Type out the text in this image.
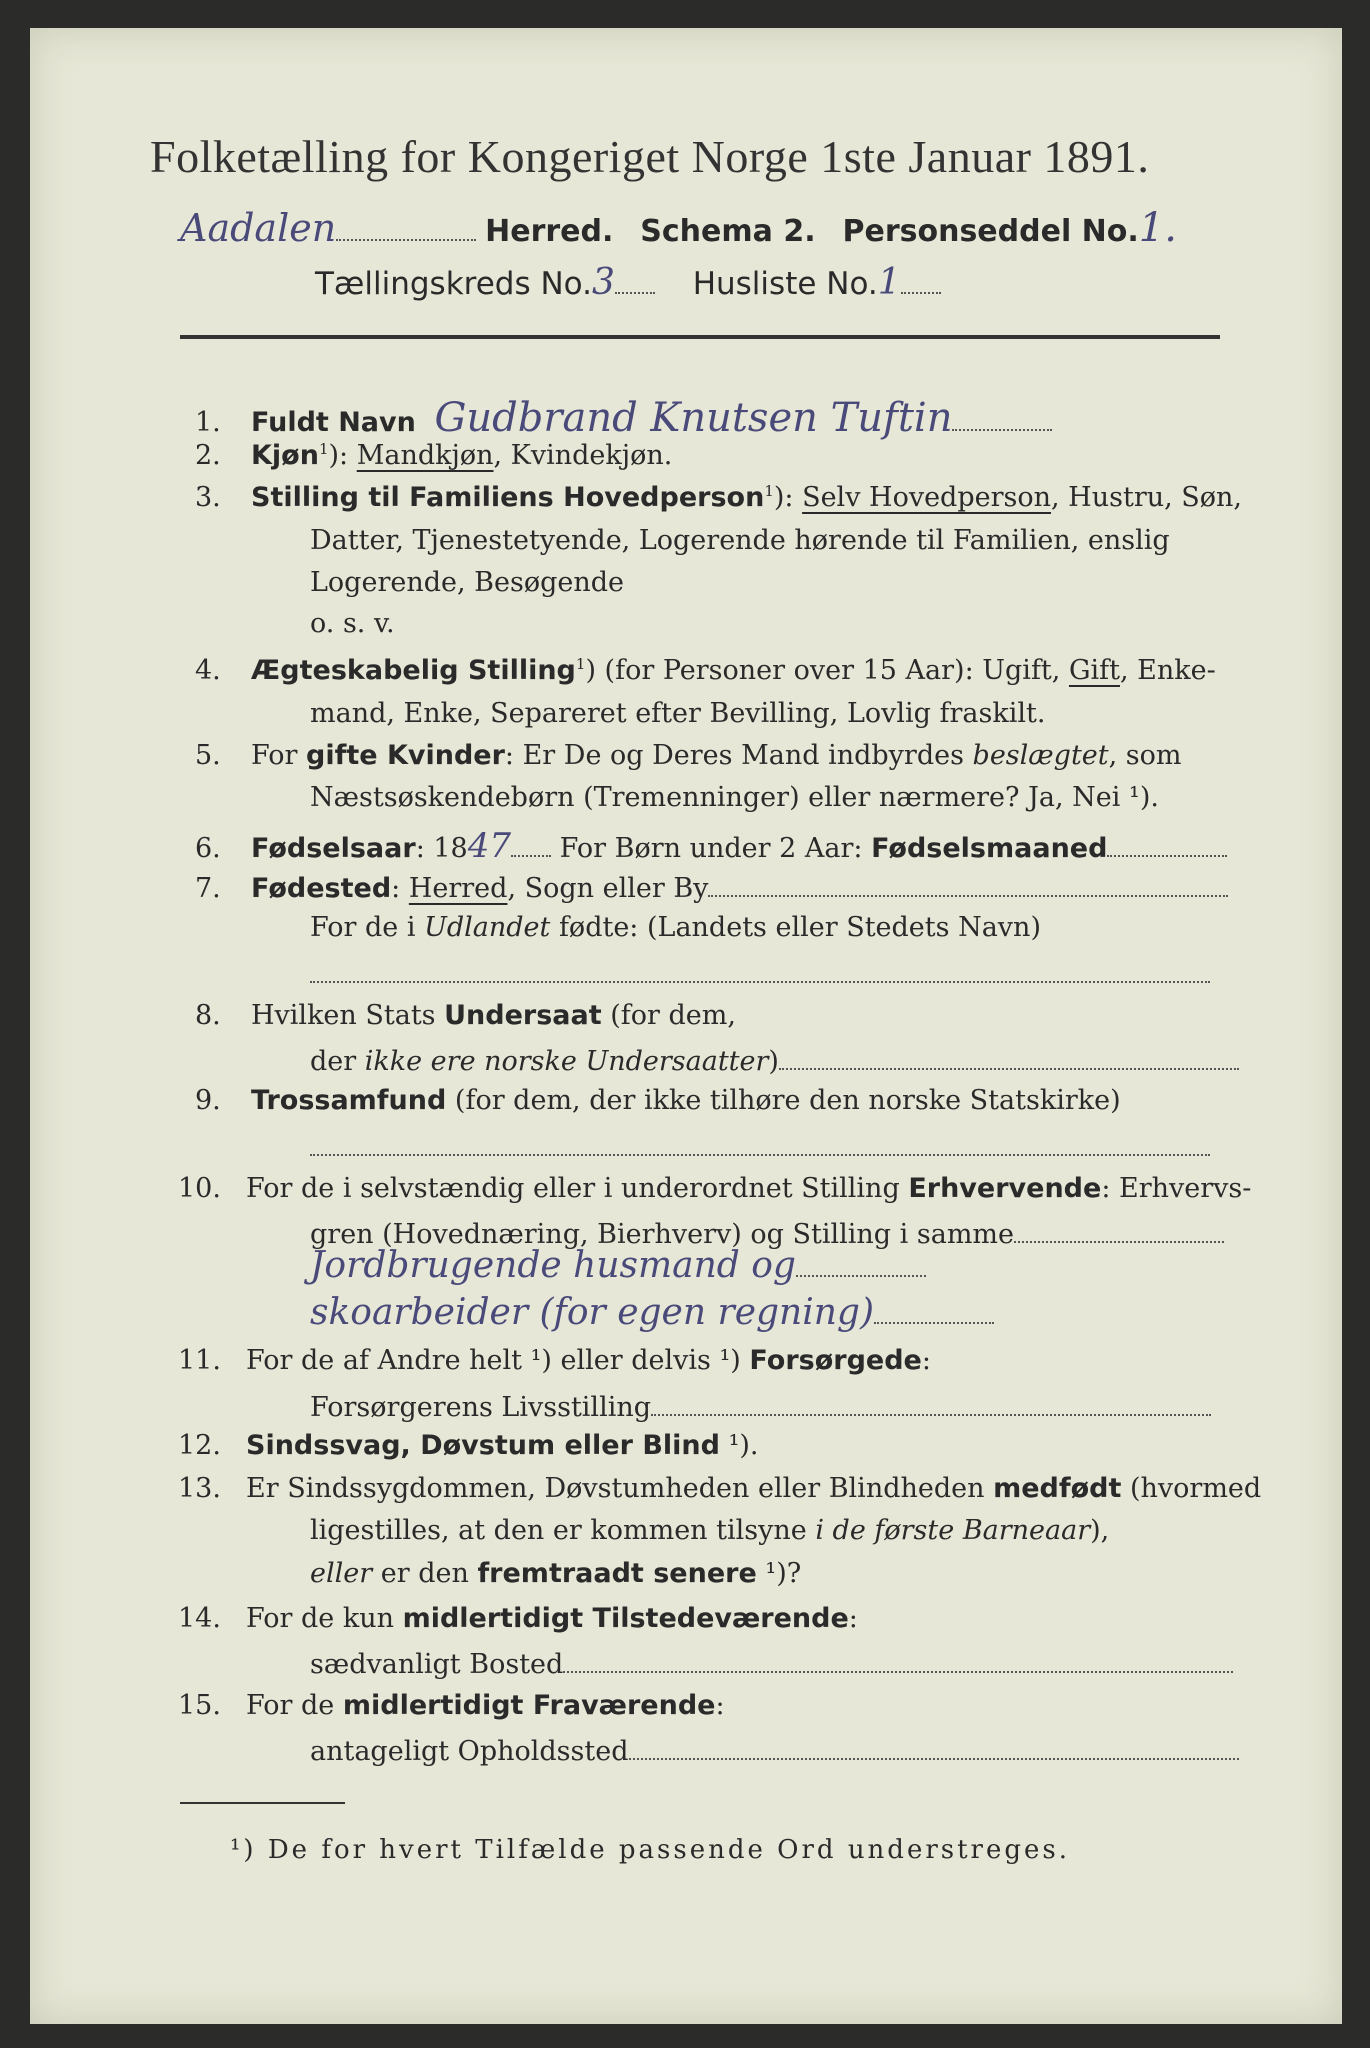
Folketælling for Kongeriget Norge 1ste Januar 1891.
Aadalen	Herred. Schema 2. Personseddel No.1.
Tællingskreds No.3	Husliste No.1
1. Fuldt Navn Gudbrand Knutsen Tuftin
2. Kjøn$^1$): Mandkjøn, Kvindekjøn.
3. Stilling til Familiens Hovedperson$^1$): Selv Hovedperson, Hustru, Søn,
Datter, Tjenestetyende, Logerende hørende til Familien, enslig
Logerende, Besøgende
o. s. v.
4. Ægteskabelig Stilling$^1$) (for Personer over 15 Aar): Ugift, Gift, Enke-
mand, Enke, Separeret efter Bevilling, Lovlig fraskilt.
5. For gifte Kvinder: Er De og Deres Mand indbyrdes beslægtet, som
Næstsøskendebørn (Tremenninger) eller nærmere? Ja, Nei ¹).
6. Fødselsaar: 1847 For Børn under 2 Aar: Fødselsmaaned
7. Fødested: Herred, Sogn eller By
For de i Udlandet fødte: (Landets eller Stedets Navn)
8. Hvilken Stats Undersaat (for dem,
der ikke ere norske Undersaatter)
9. Trossamfund (for dem, der ikke tilhøre den norske Statskirke)
10. For de i selvstændig eller i underordnet Stilling Erhvervende: Erhvervs-
gren (Hovednæring, Bierhverv) og Stilling i samme
Jordbrugende husmand og
skoarbeider (for egen regning)
11. For de af Andre helt ¹) eller delvis ¹) Forsørgede:
Forsørgerens Livsstilling
12. Sindssvag, Døvstum eller Blind ¹).
13. Er Sindssygdommen, Døvstumheden eller Blindheden medfødt (hvormed
ligestilles, at den er kommen tilsyne i de første Barneaar),
eller er den fremtraadt senere ¹)?
14. For de kun midlertidigt Tilstedeværende:
sædvanligt Bosted
15. For de midlertidigt Fraværende:
antageligt Opholdssted
¹) De for hvert Tilfælde passende Ord understreges.
